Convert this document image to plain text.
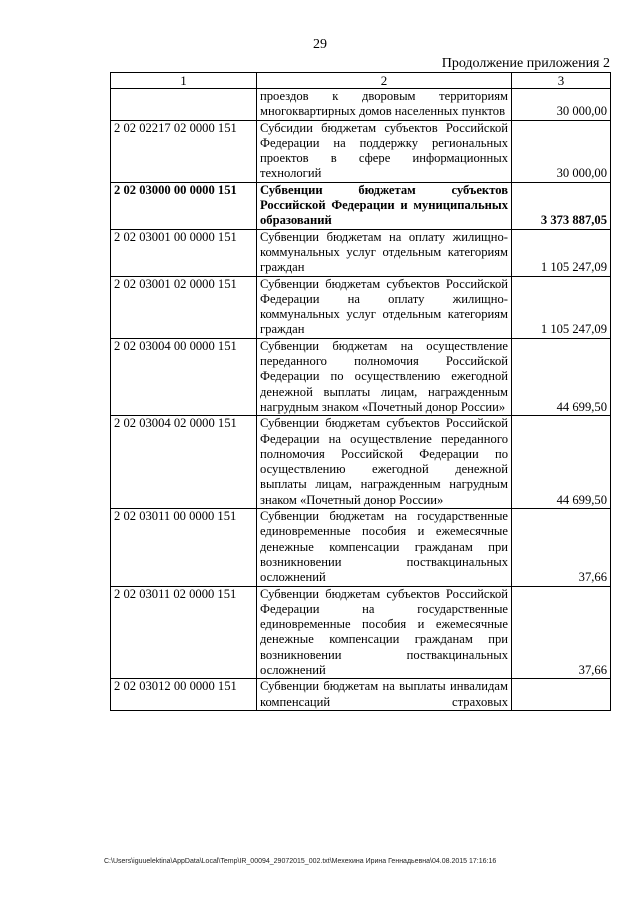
29
Продолжение приложения 2
1	2	3
	проездов к дворовым территориям многоквартирных домов населенных пунктов	30 000,00
2 02 02217 02 0000 151	Субсидии бюджетам субъектов Российской Федерации на поддержку региональных проектов в сфере информационных технологий	30 000,00
2 02 03000 00 0000 151	Субвенции бюджетам субъектов Российской Федерации и муниципальных образований	3 373 887,05
2 02 03001 00 0000 151	Субвенции бюджетам на оплату жилищно-коммунальных услуг отдельным категориям граждан	1 105 247,09
2 02 03001 02 0000 151	Субвенции бюджетам субъектов Российской Федерации на оплату жилищно-коммунальных услуг отдельным категориям граждан	1 105 247,09
2 02 03004 00 0000 151	Субвенции бюджетам на осуществление переданного полномочия Российской Федерации по осуществлению ежегодной денежной выплаты лицам, награжденным нагрудным знаком «Почетный донор России»	44 699,50
2 02 03004 02 0000 151	Субвенции бюджетам субъектов Российской Федерации на осуществление переданного полномочия Российской Федерации по осуществлению ежегодной денежной выплаты лицам, награжденным нагрудным знаком «Почетный донор России»	44 699,50
2 02 03011 00 0000 151	Субвенции бюджетам на государственные единовременные пособия и ежемесячные денежные компенсации гражданам при возникновении поствакцинальных осложнений	37,66
2 02 03011 02 0000 151	Субвенции бюджетам субъектов Российской Федерации на государственные единовременные пособия и ежемесячные денежные компенсации гражданам при возникновении поствакцинальных осложнений	37,66
2 02 03012 00 0000 151	Субвенции бюджетам на выплаты инвалидам компенсаций страховых	
C:\Users\iguuelektina\AppData\Local\Temp\IR_00094_29072015_002.txt\Мехехина Ирина Геннадьевна\04.08.2015 17:16:16
